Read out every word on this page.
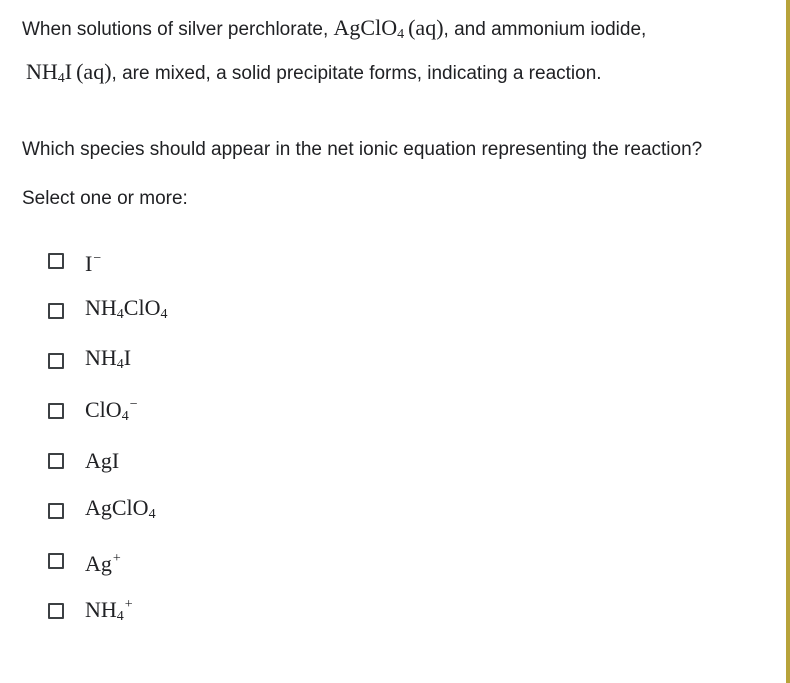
When solutions of silver perchlorate, AgClO$_4$ (aq), and ammonium iodide,
$NH_4I$ (aq), are mixed, a solid precipitate forms, indicating a reaction.
Which species should appear in the net ionic equation representing the reaction?
Select one or more:
I−
$NH_4ClO_4$
$NH_4I$
ClO$_4$−
AgI
AgClO$_4$
Ag+
$NH_4^+$
